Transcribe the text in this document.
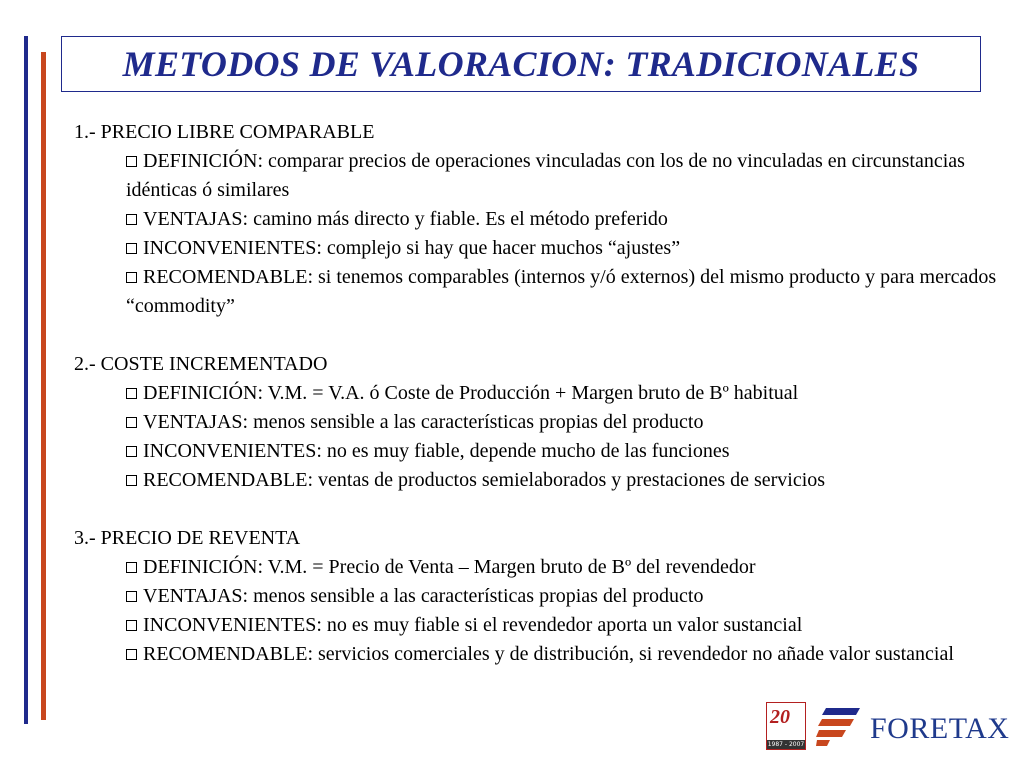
METODOS DE VALORACION: TRADICIONALES
1.- PRECIO LIBRE COMPARABLE
DEFINICIÓN: comparar precios de operaciones vinculadas con los de no vinculadas en circunstancias idénticas ó similares
VENTAJAS: camino más directo y fiable. Es el método preferido
INCONVENIENTES: complejo si hay que hacer muchos “ajustes”
RECOMENDABLE: si tenemos comparables (internos y/ó externos) del mismo producto y para mercados “commodity”
2.- COSTE INCREMENTADO
DEFINICIÓN: V.M. = V.A. ó Coste de Producción + Margen bruto de Bº habitual
VENTAJAS: menos sensible a las características propias del producto
INCONVENIENTES: no es muy fiable, depende mucho de las funciones
RECOMENDABLE: ventas de productos semielaborados y prestaciones de servicios
3.- PRECIO DE REVENTA
DEFINICIÓN: V.M. = Precio de Venta – Margen bruto de Bº del revendedor
VENTAJAS: menos sensible a las características propias del producto
INCONVENIENTES: no es muy fiable si el revendedor aporta un valor sustancial
RECOMENDABLE: servicios comerciales y de distribución, si revendedor no añade valor sustancial
20
1987 - 2007 FORETAX
